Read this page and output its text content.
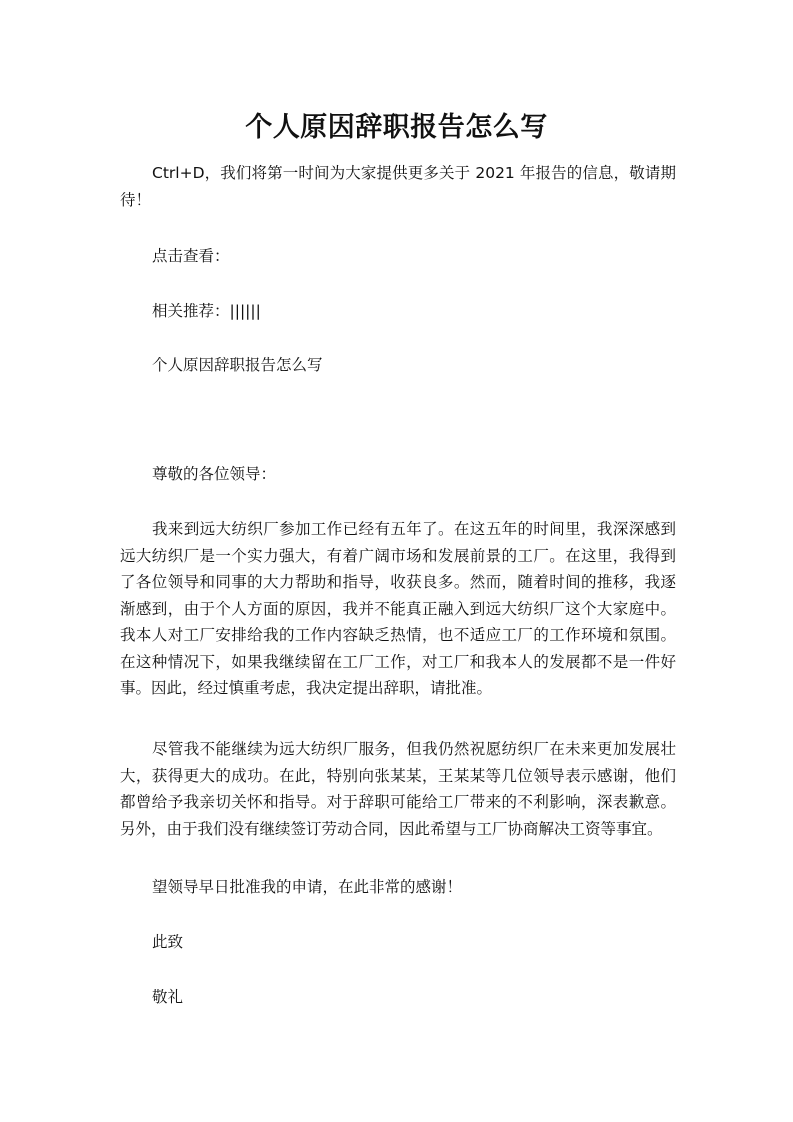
个人原因辞职报告怎么写

Ctrl+D，我们将第一时间为大家提供更多关于 2021 年报告的信息，敬请期待！

点击查看：

相关推荐：||||||

个人原因辞职报告怎么写

尊敬的各位领导：

我来到远大纺织厂参加工作已经有五年了。在这五年的时间里，我深深感到远大纺织厂是一个实力强大，有着广阔市场和发展前景的工厂。在这里，我得到了各位领导和同事的大力帮助和指导，收获良多。然而，随着时间的推移，我逐渐感到，由于个人方面的原因，我并不能真正融入到远大纺织厂这个大家庭中。我本人对工厂安排给我的工作内容缺乏热情，也不适应工厂的工作环境和氛围。在这种情况下，如果我继续留在工厂工作，对工厂和我本人的发展都不是一件好事。因此，经过慎重考虑，我决定提出辞职，请批准。

尽管我不能继续为远大纺织厂服务，但我仍然祝愿纺织厂在未来更加发展壮大，获得更大的成功。在此，特别向张某某，王某某等几位领导表示感谢，他们都曾给予我亲切关怀和指导。对于辞职可能给工厂带来的不利影响，深表歉意。另外，由于我们没有继续签订劳动合同，因此希望与工厂协商解决工资等事宜。

望领导早日批准我的申请，在此非常的感谢！

此致

敬礼
